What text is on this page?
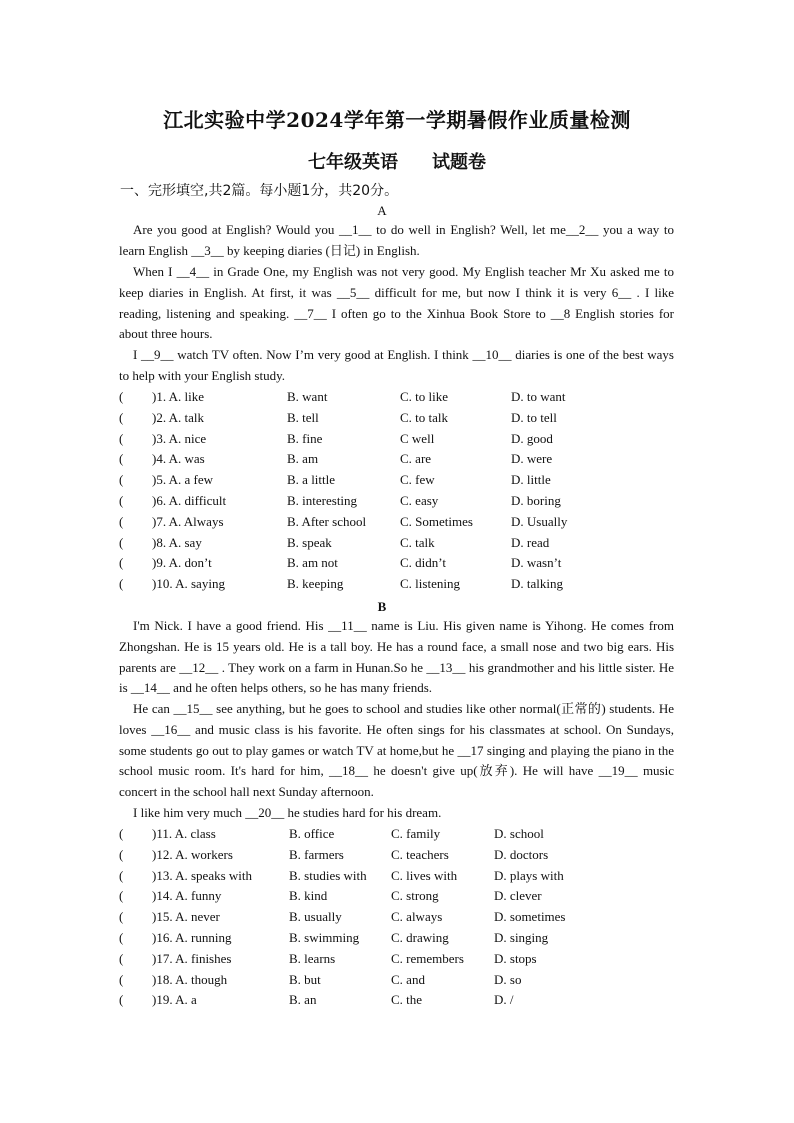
江北实验中学2024学年第一学期暑假作业质量检测
七年级英语 试题卷
一、完形填空,共2篇。每小题1分，共20分。
A
Are you good at English? Would you __1__ to do well in English? Well, let me__2__ you a way to learn English __3__ by keeping diaries (日记) in English.
When I __4__ in Grade One, my English was not very good. My English teacher Mr Xu asked me to keep diaries in English. At first, it was __5__ difficult for me, but now I think it is very 6__ . I like reading, listening and speaking. __7__ I often go to the Xinhua Book Store to __8 English stories for about three hours.
I __9__ watch TV often. Now I’m very good at English. I think __10__ diaries is one of the best ways to help with your English study.
( )1. A. like	B. want	C. to like	D. to want
( )2. A. talk	B. tell	C. to talk	D. to tell
( )3. A. nice	B. fine	C well	D. good
( )4. A. was	B. am	C. are	D. were
( )5. A. a few	B. a little	C. few	D. little
( )6. A. difficult	B. interesting	C. easy	D. boring
( )7. A. Always	B. After school	C. Sometimes	D. Usually
( )8. A. say	B. speak	C. talk	D. read
( )9. A. don’t	B. am not	C. didn’t	D. wasn’t
( )10. A. saying	B. keeping	C. listening	D. talking
B
I'm Nick. I have a good friend. His __11__ name is Liu. His given name is Yihong. He comes from Zhongshan. He is 15 years old. He is a tall boy. He has a round face, a small nose and two big ears. His parents are __12__ . They work on a farm in Hunan.So he __13__ his grandmother and his little sister. He is __14__ and he often helps others, so he has many friends.
He can __15__ see anything, but he goes to school and studies like other normal(正常的) students. He loves __16__ and music class is his favorite. He often sings for his classmates at school. On Sundays, some students go out to play games or watch TV at home,but he __17 singing and playing the piano in the school music room. It's hard for him, __18__ he doesn't give up(放弃). He will have __19__ music concert in the school hall next Sunday afternoon.
I like him very much __20__ he studies hard for his dream.
( )11. A. class	B. office	C. family	D. school
( )12. A. workers	B. farmers	C. teachers	D. doctors
( )13. A. speaks with	B. studies with C. lives with	D. plays with
( )14. A. funny	B. kind	C. strong	D. clever
( )15. A. never	B. usually	C. always	D. sometimes
( )16. A. running	B. swimming C. drawing	D. singing
( )17. A. finishes	B. learns	C. remembers D. stops
( )18. A. though	B. but	C. and	D. so
( )19. A. a	B. an	C. the	D. /
